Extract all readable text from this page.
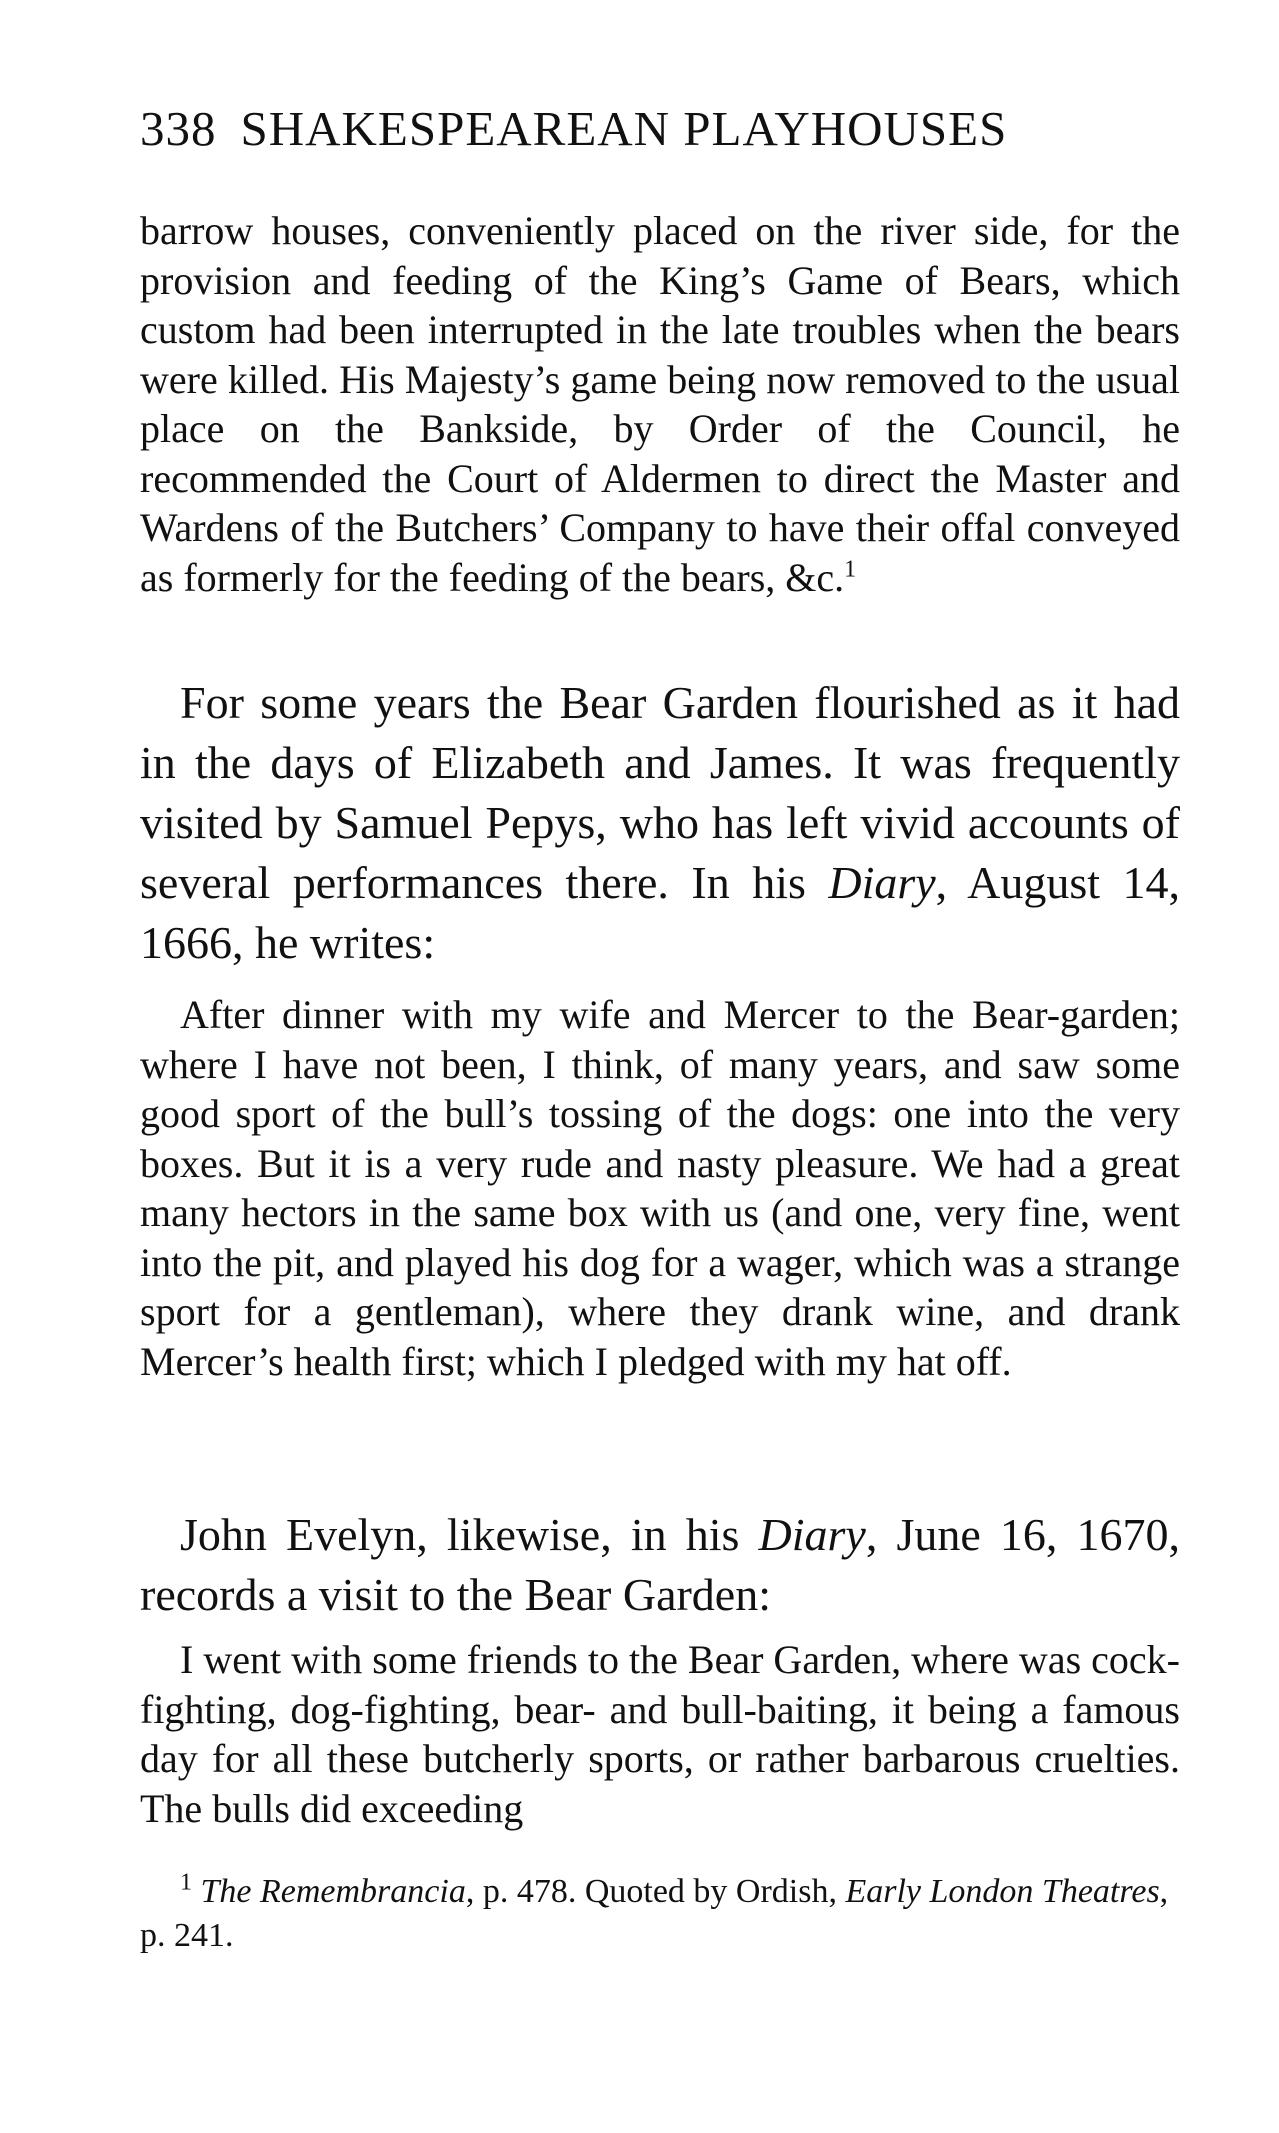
338 SHAKESPEAREAN PLAYHOUSES
barrow houses, conveniently placed on the river side, for the provision and feeding of the King’s Game of Bears, which custom had been interrupted in the late troubles when the bears were killed. His Majesty’s game being now removed to the usual place on the Bankside, by Order of the Council, he recommended the Court of Aldermen to direct the Master and Wardens of the Butchers’ Company to have their offal conveyed as formerly for the feeding of the bears, &c.$^1$
For some years the Bear Garden flourished as it had in the days of Elizabeth and James. It was frequently visited by Samuel Pepys, who has left vivid accounts of several performances there. In his Diary, August 14, 1666, he writes:
After dinner with my wife and Mercer to the Bear-garden; where I have not been, I think, of many years, and saw some good sport of the bull’s tossing of the dogs: one into the very boxes. But it is a very rude and nasty pleasure. We had a great many hectors in the same box with us (and one, very fine, went into the pit, and played his dog for a wager, which was a strange sport for a gentleman), where they drank wine, and drank Mercer’s health first; which I pledged with my hat off.
John Evelyn, likewise, in his Diary, June 16, 1670, records a visit to the Bear Garden:
I went with some friends to the Bear Garden, where was cock-fighting, dog-fighting, bear- and bull-baiting, it being a famous day for all these butcherly sports, or rather barbarous cruelties. The bulls did exceeding
$^1$ The Remembrancia, p. 478. Quoted by Ordish, Early London Theatres, p. 241.
